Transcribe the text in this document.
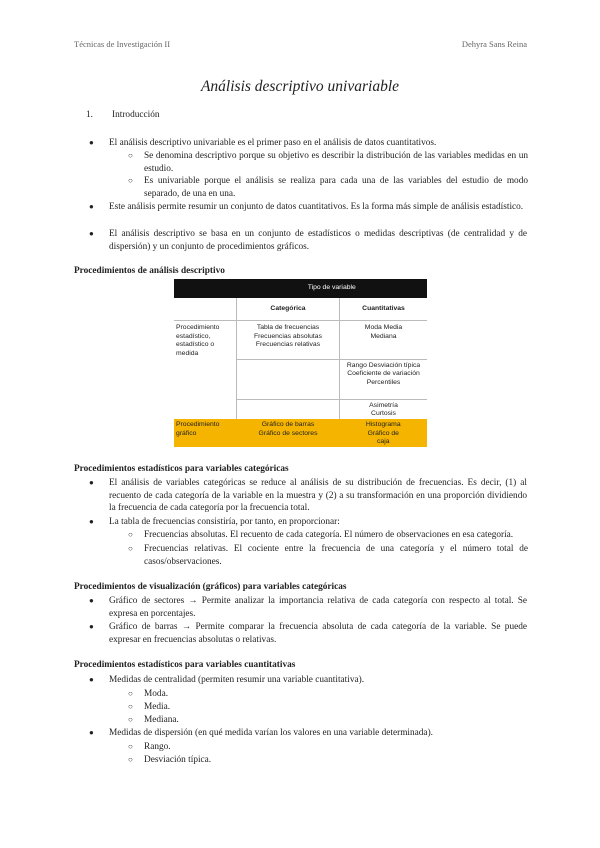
Técnicas de Investigación II	Dehyra Sans Reina
Análisis descriptivo univariable
1. Introducción
● El análisis descriptivo univariable es el primer paso en el análisis de datos cuantitativos.
○ Se denomina descriptivo porque su objetivo es describir la distribución de las variables medidas en un estudio.
○ Es univariable porque el análisis se realiza para cada una de las variables del estudio de modo separado, de una en una.
● Este análisis permite resumir un conjunto de datos cuantitativos. Es la forma más simple de análisis estadístico.
● El análisis descriptivo se basa en un conjunto de estadísticos o medidas descriptivas (de centralidad y de dispersión) y un conjunto de procedimientos gráficos.
Procedimientos de análisis descriptivo
	Tipo de variable	
	Categórica	Cuantitativas
Procedimiento estadístico, estadístico o medida	Tabla de frecuencias Frecuencias absolutas Frecuencias relativas	Moda Media Mediana
		Rango Desviación típica Coeficiente de variación Percentiles
		Asimetría Curtosis
Procedimiento gráfico	Gráfico de barras Gráfico de sectores	Histograma Gráfico de caja
Procedimientos estadísticos para variables categóricas
● El análisis de variables categóricas se reduce al análisis de su distribución de frecuencias. Es decir, (1) al recuento de cada categoría de la variable en la muestra y (2) a su transformación en una proporción dividiendo la frecuencia de cada categoría por la frecuencia total.
● La tabla de frecuencias consistiría, por tanto, en proporcionar:
○ Frecuencias absolutas. El recuento de cada categoría. El número de observaciones en esa categoría.
○ Frecuencias relativas. El cociente entre la frecuencia de una categoría y el número total de casos/observaciones.
Procedimientos de visualización (gráficos) para variables categóricas
● Gráfico de sectores → Permite analizar la importancia relativa de cada categoría con respecto al total. Se expresa en porcentajes.
● Gráfico de barras → Permite comparar la frecuencia absoluta de cada categoría de la variable. Se puede expresar en frecuencias absolutas o relativas.
Procedimientos estadísticos para variables cuantitativas
● Medidas de centralidad (permiten resumir una variable cuantitativa).
○ Moda.
○ Media.
○ Mediana.
● Medidas de dispersión (en qué medida varían los valores en una variable determinada).
○ Rango.
○ Desviación típica.
